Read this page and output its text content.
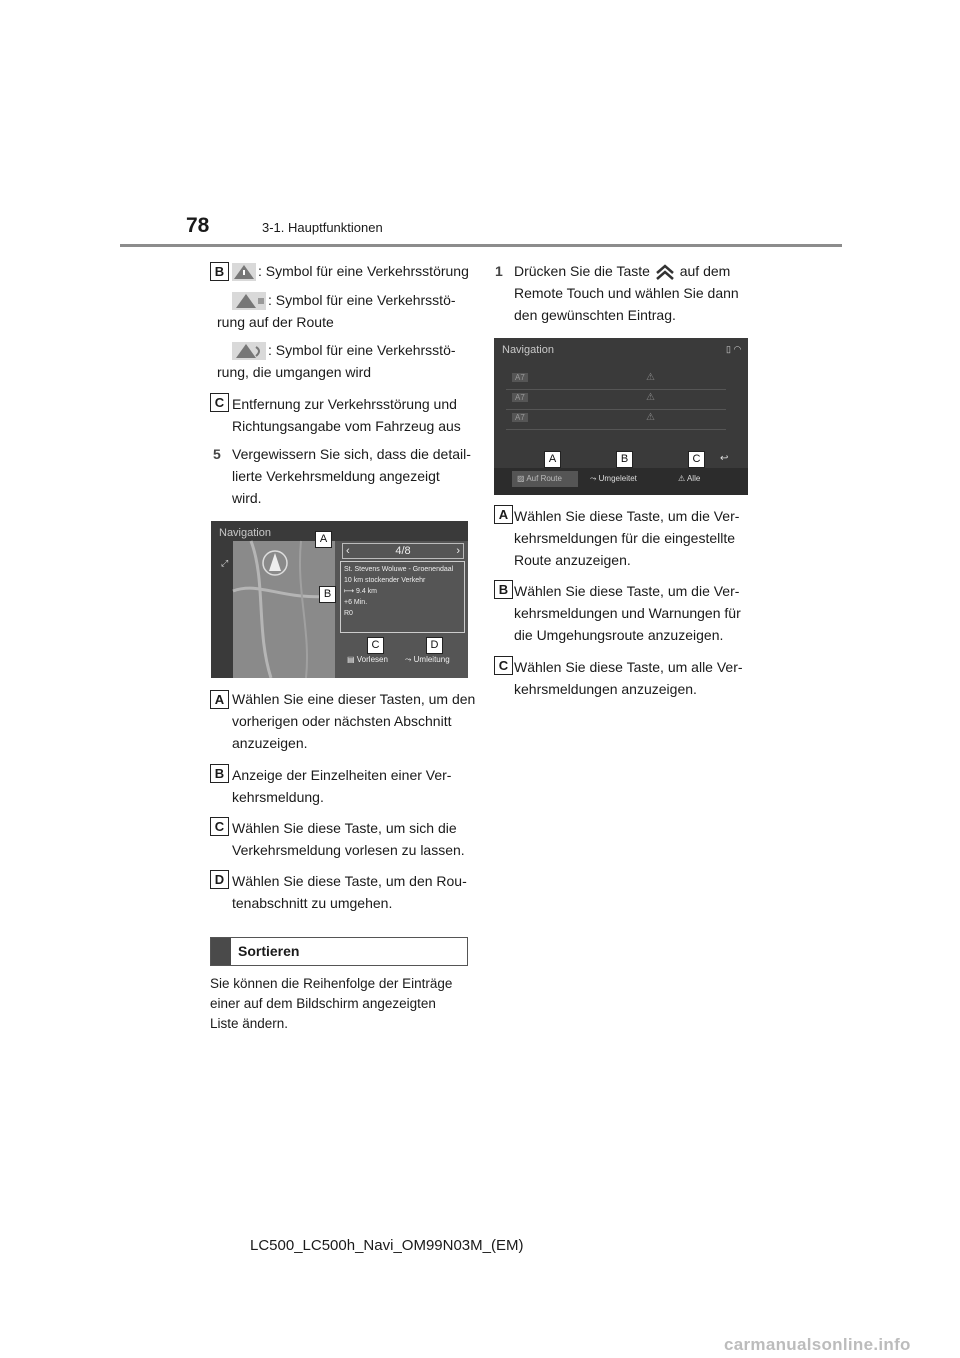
78	3-1. Hauptfunktionen
B	: Symbol für eine Verkehrsstörung
: Symbol für eine Verkehrsstö-
rung auf der Route
: Symbol für eine Verkehrsstö-
rung, die umgangen wird
C Entfernung zur Verkehrsstörung und
Richtungsangabe vom Fahrzeug aus
5 Vergewissern Sie sich, dass die detail-
lierte Verkehrsmeldung angezeigt
wird.
Navigation
⤢
‹	4/8	›
St. Stevens Woluwe - Groenendaal
10 km stockender Verkehr
⟼ 9.4 km
+6 Min.
R0
▤ Vorlesen ⤳ Umleitung
A
B
C	D
A Wählen Sie eine dieser Tasten, um den
vorherigen oder nächsten Abschnitt
anzuzeigen.
B Anzeige der Einzelheiten einer Ver-
kehrsmeldung.
C Wählen Sie diese Taste, um sich die
Verkehrsmeldung vorlesen zu lassen.
D Wählen Sie diese Taste, um den Rou-
tenabschnitt zu umgehen.
Sortieren
Sie können die Reihenfolge der Einträge
einer auf dem Bildschirm angezeigten
Liste ändern.
1 Drücken Sie die Taste auf dem
Remote Touch und wählen Sie dann
den gewünschten Eintrag.
Navigation	▯ ◠
A7	⚠
A7	⚠
A7	⚠
▨ Auf Route	⤳ Umgeleitet	⚠ Alle
↩
A	B	C
A Wählen Sie diese Taste, um die Ver-
kehrsmeldungen für die eingestellte
Route anzuzeigen.
B Wählen Sie diese Taste, um die Ver-
kehrsmeldungen und Warnungen für
die Umgehungsroute anzuzeigen.
C Wählen Sie diese Taste, um alle Ver-
kehrsmeldungen anzuzeigen.
LC500_LC500h_Navi_OM99N03M_(EM)
carmanualsonline.info
